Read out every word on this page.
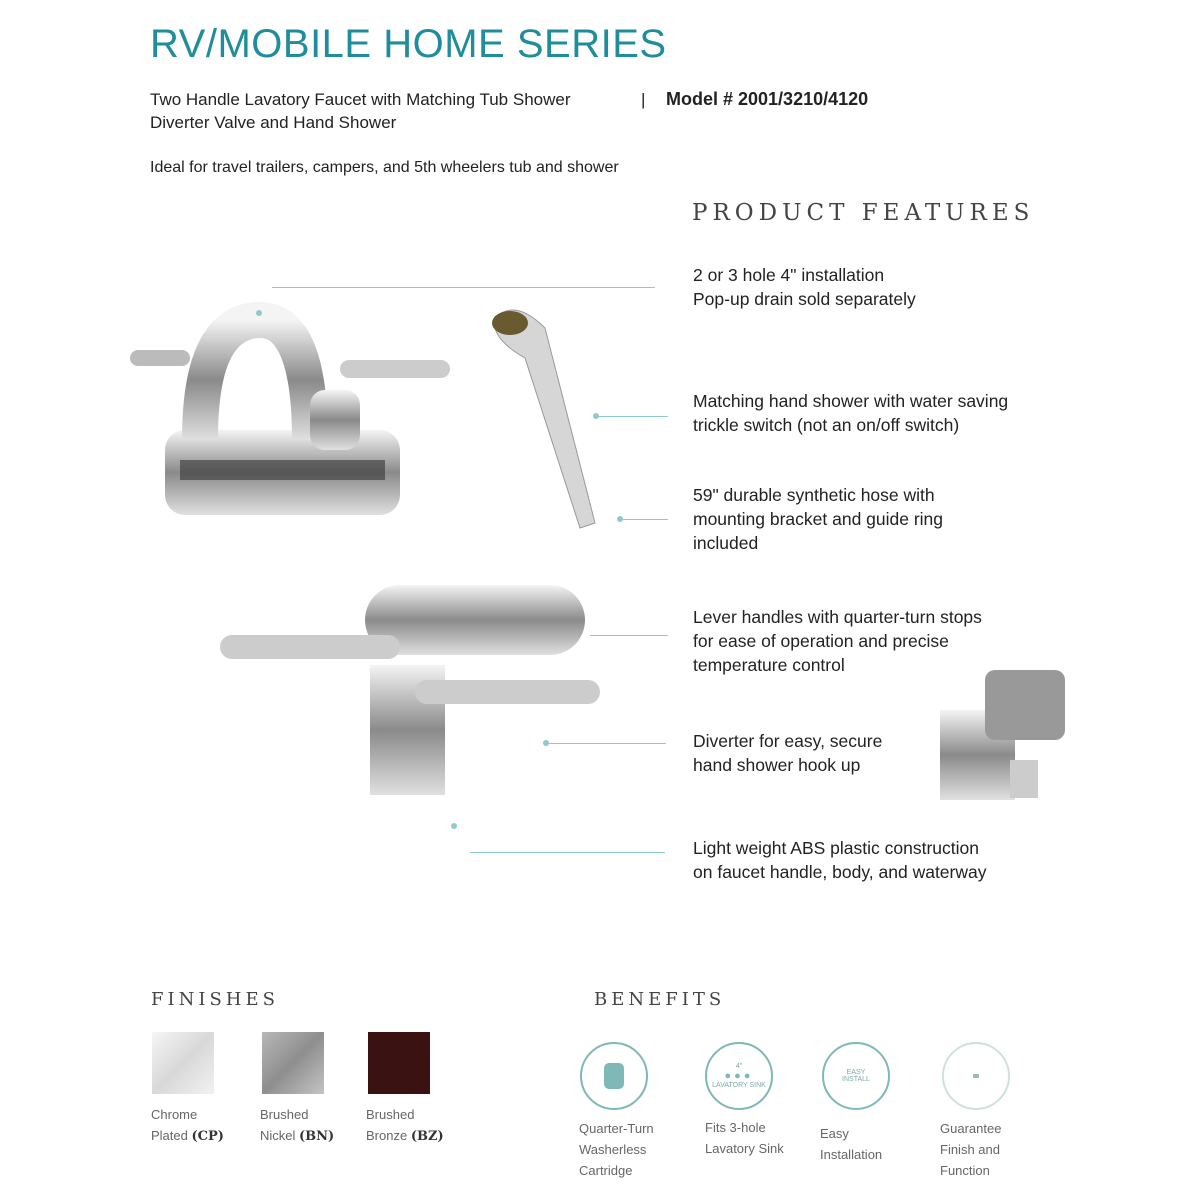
RV/MOBILE HOME SERIES
Two Handle Lavatory Faucet with Matching Tub Shower	| Model # 2001/3210/4120
Diverter Valve and Hand Shower
Ideal for travel trailers, campers, and 5th wheelers tub and shower
PRODUCT FEATURES
2 or 3 hole 4" installation
Pop-up drain sold separately
Matching hand shower with water saving
trickle switch (not an on/off switch)
59" durable synthetic hose with
mounting bracket and guide ring
included
Lever handles with quarter-turn stops
for ease of operation and precise
temperature control
Diverter for easy, secure
hand shower hook up
Light weight ABS plastic construction
on faucet handle, body, and waterway
FINISHES
Chrome
Plated (CP)
Brushed
Nickel (BN)
Brushed
Bronze (BZ)
BENEFITS
4"
●●●
LAVATORY SINK
EASY INSTALL
Quarter-Turn
Washerless
Cartridge
Fits 3-hole
Lavatory Sink
Easy
Installation
Guarantee
Finish and
Function
